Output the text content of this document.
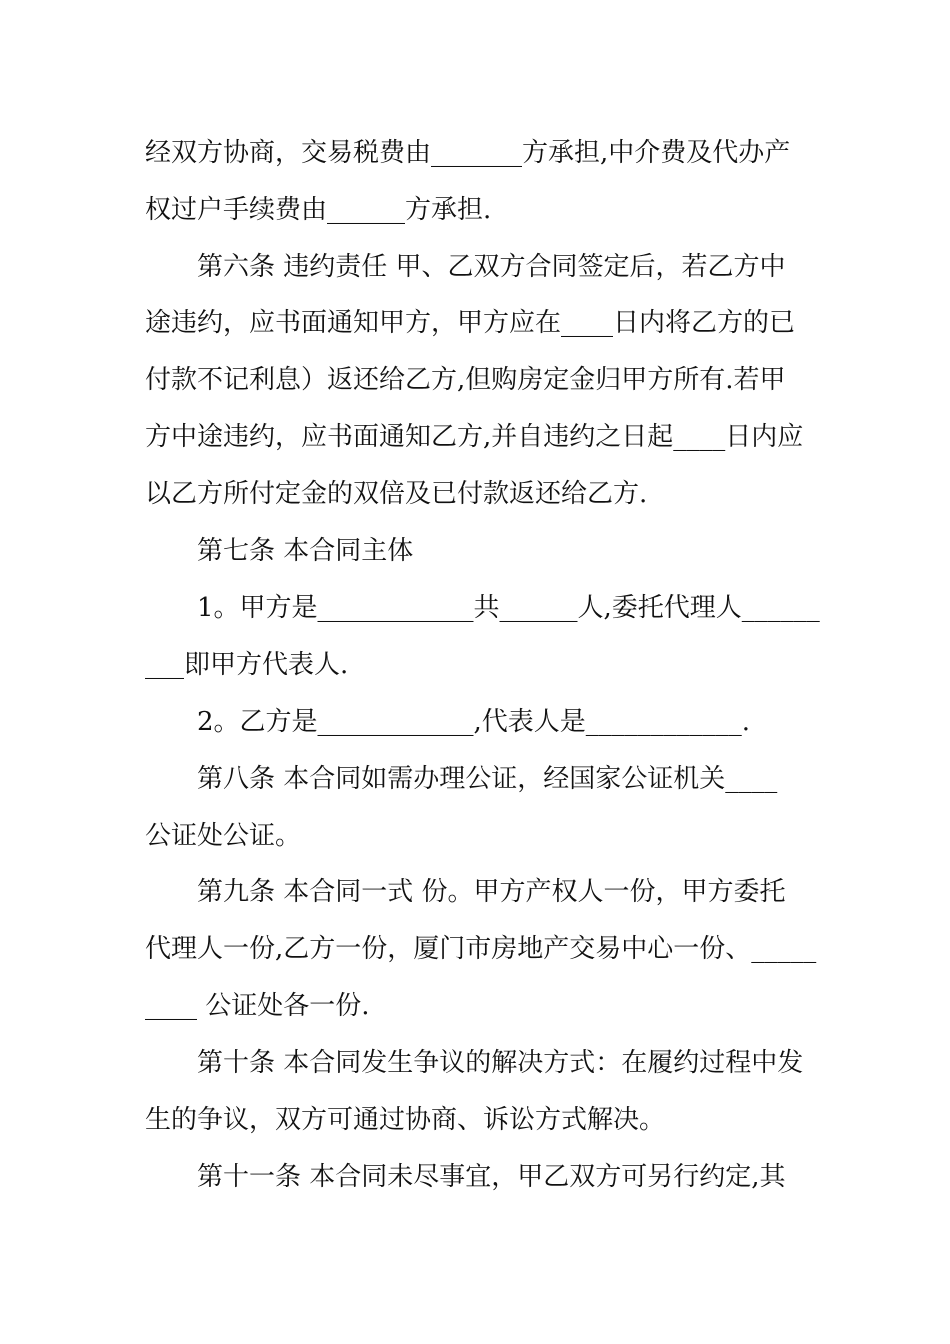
经双方协商，交易税费由_______方承担,中介费及代办产
权过户手续费由______方承担.
第六条 违约责任 甲、乙双方合同签定后，若乙方中
途违约，应书面通知甲方，甲方应在____日内将乙方的已
付款不记利息）返还给乙方,但购房定金归甲方所有.若甲
方中途违约，应书面通知乙方,并自违约之日起____日内应
以乙方所付定金的双倍及已付款返还给乙方.
第七条 本合同主体
1。甲方是____________共______人,委托代理人______
___即甲方代表人.
2。乙方是____________,代表人是____________.
第八条 本合同如需办理公证，经国家公证机关____
公证处公证。
第九条 本合同一式 份。甲方产权人一份，甲方委托
代理人一份,乙方一份，厦门市房地产交易中心一份、_____
____ 公证处各一份.
第十条 本合同发生争议的解决方式：在履约过程中发
生的争议，双方可通过协商、诉讼方式解决。
第十一条 本合同未尽事宜，甲乙双方可另行约定,其
